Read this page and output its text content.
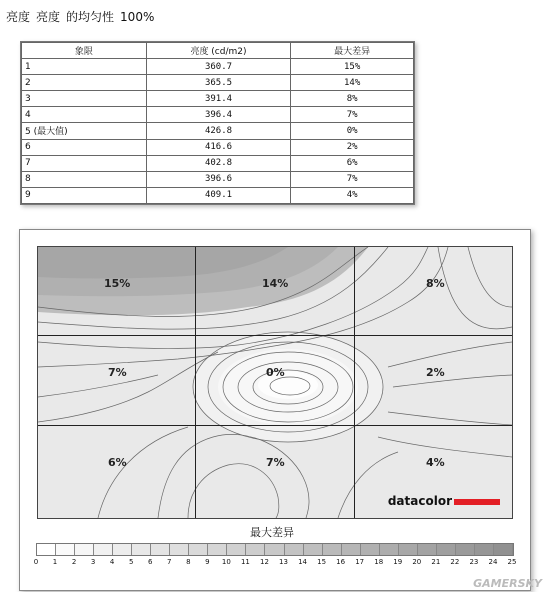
亮度 亮度 的均匀性 100%
象限	亮度 (cd/m2)	最大差异
1	360.7	15%
2	365.5	14%
3	391.4	8%
4	396.4	7%
5 (最大值)	426.8	0%
6	416.6	2%
7	402.8	6%
8	396.6	7%
9	409.1	4%
15%	14%	8%
7%	0%	2%
6%	7%	4%
datacolor
最大差异
0 1 2 3 4 5 6 7 8 9 10 11 12 13 14 15 16 17 18 19 20 21 22 23 24 25
GAMERSKY
